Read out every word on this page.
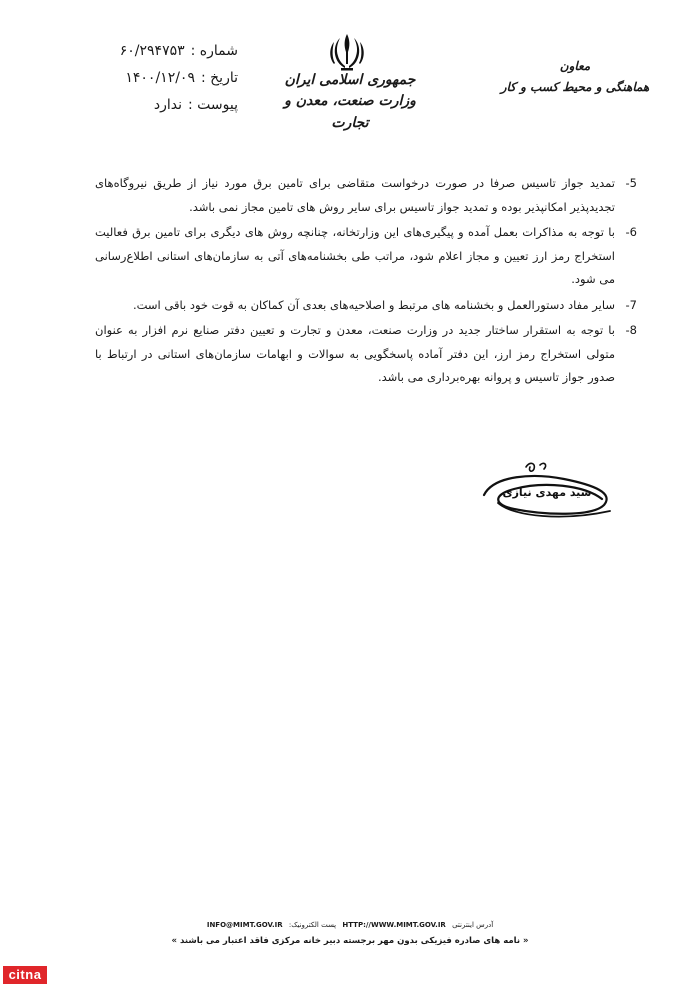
شماره :۶۰/۲۹۴۷۵۳
تاریخ :۱۴۰۰/۱۲/۰۹
پیوست :ندارد
جمهوری اسلامی ایران
وزارت صنعت، معدن و تجارت
معاون
هماهنگی و محیط کسب و کار
-5
تمدید جواز تاسیس صرفا در صورت درخواست متقاضی برای تامین برق مورد نیاز از طریق نیروگاه‌های تجدیدپذیر امکانپذیر بوده و تمدید جواز تاسیس برای سایر روش های تامین مجاز نمی باشد.
-6
با توجه به مذاکرات بعمل آمده و پیگیری‌های این وزارتخانه، چنانچه روش های دیگری برای تامین برق فعالیت استخراج رمز ارز تعیین و مجاز اعلام شود، مراتب طی بخشنامه‌های آتی به سازمان‌های استانی اطلاع‌رسانی می شود.
-7
سایر مفاد دستورالعمل و بخشنامه های مرتبط و اصلاحیه‌های بعدی آن کماکان به قوت خود باقی است.
-8
با توجه به استقرار ساختار جدید در وزارت صنعت، معدن و تجارت و تعیین دفتر صنایع نرم افزار به عنوان متولی استخراج رمز ارز، این دفتر آماده پاسخگویی به سوالات و ابهامات سازمان‌های استانی در ارتباط با صدور جواز تاسیس و پروانه بهره‌برداری می باشد.
سید مهدی نیازی
آدرس اینترنتی HTTP://WWW.MIMT.GOV.IR پست الکترونیک: INFO@MIMT.GOV.IR
« نامه های صادره فیزیکی بدون مهر برجسته دبیر خانه مرکزی فاقد اعتبار می باشند »
citna
